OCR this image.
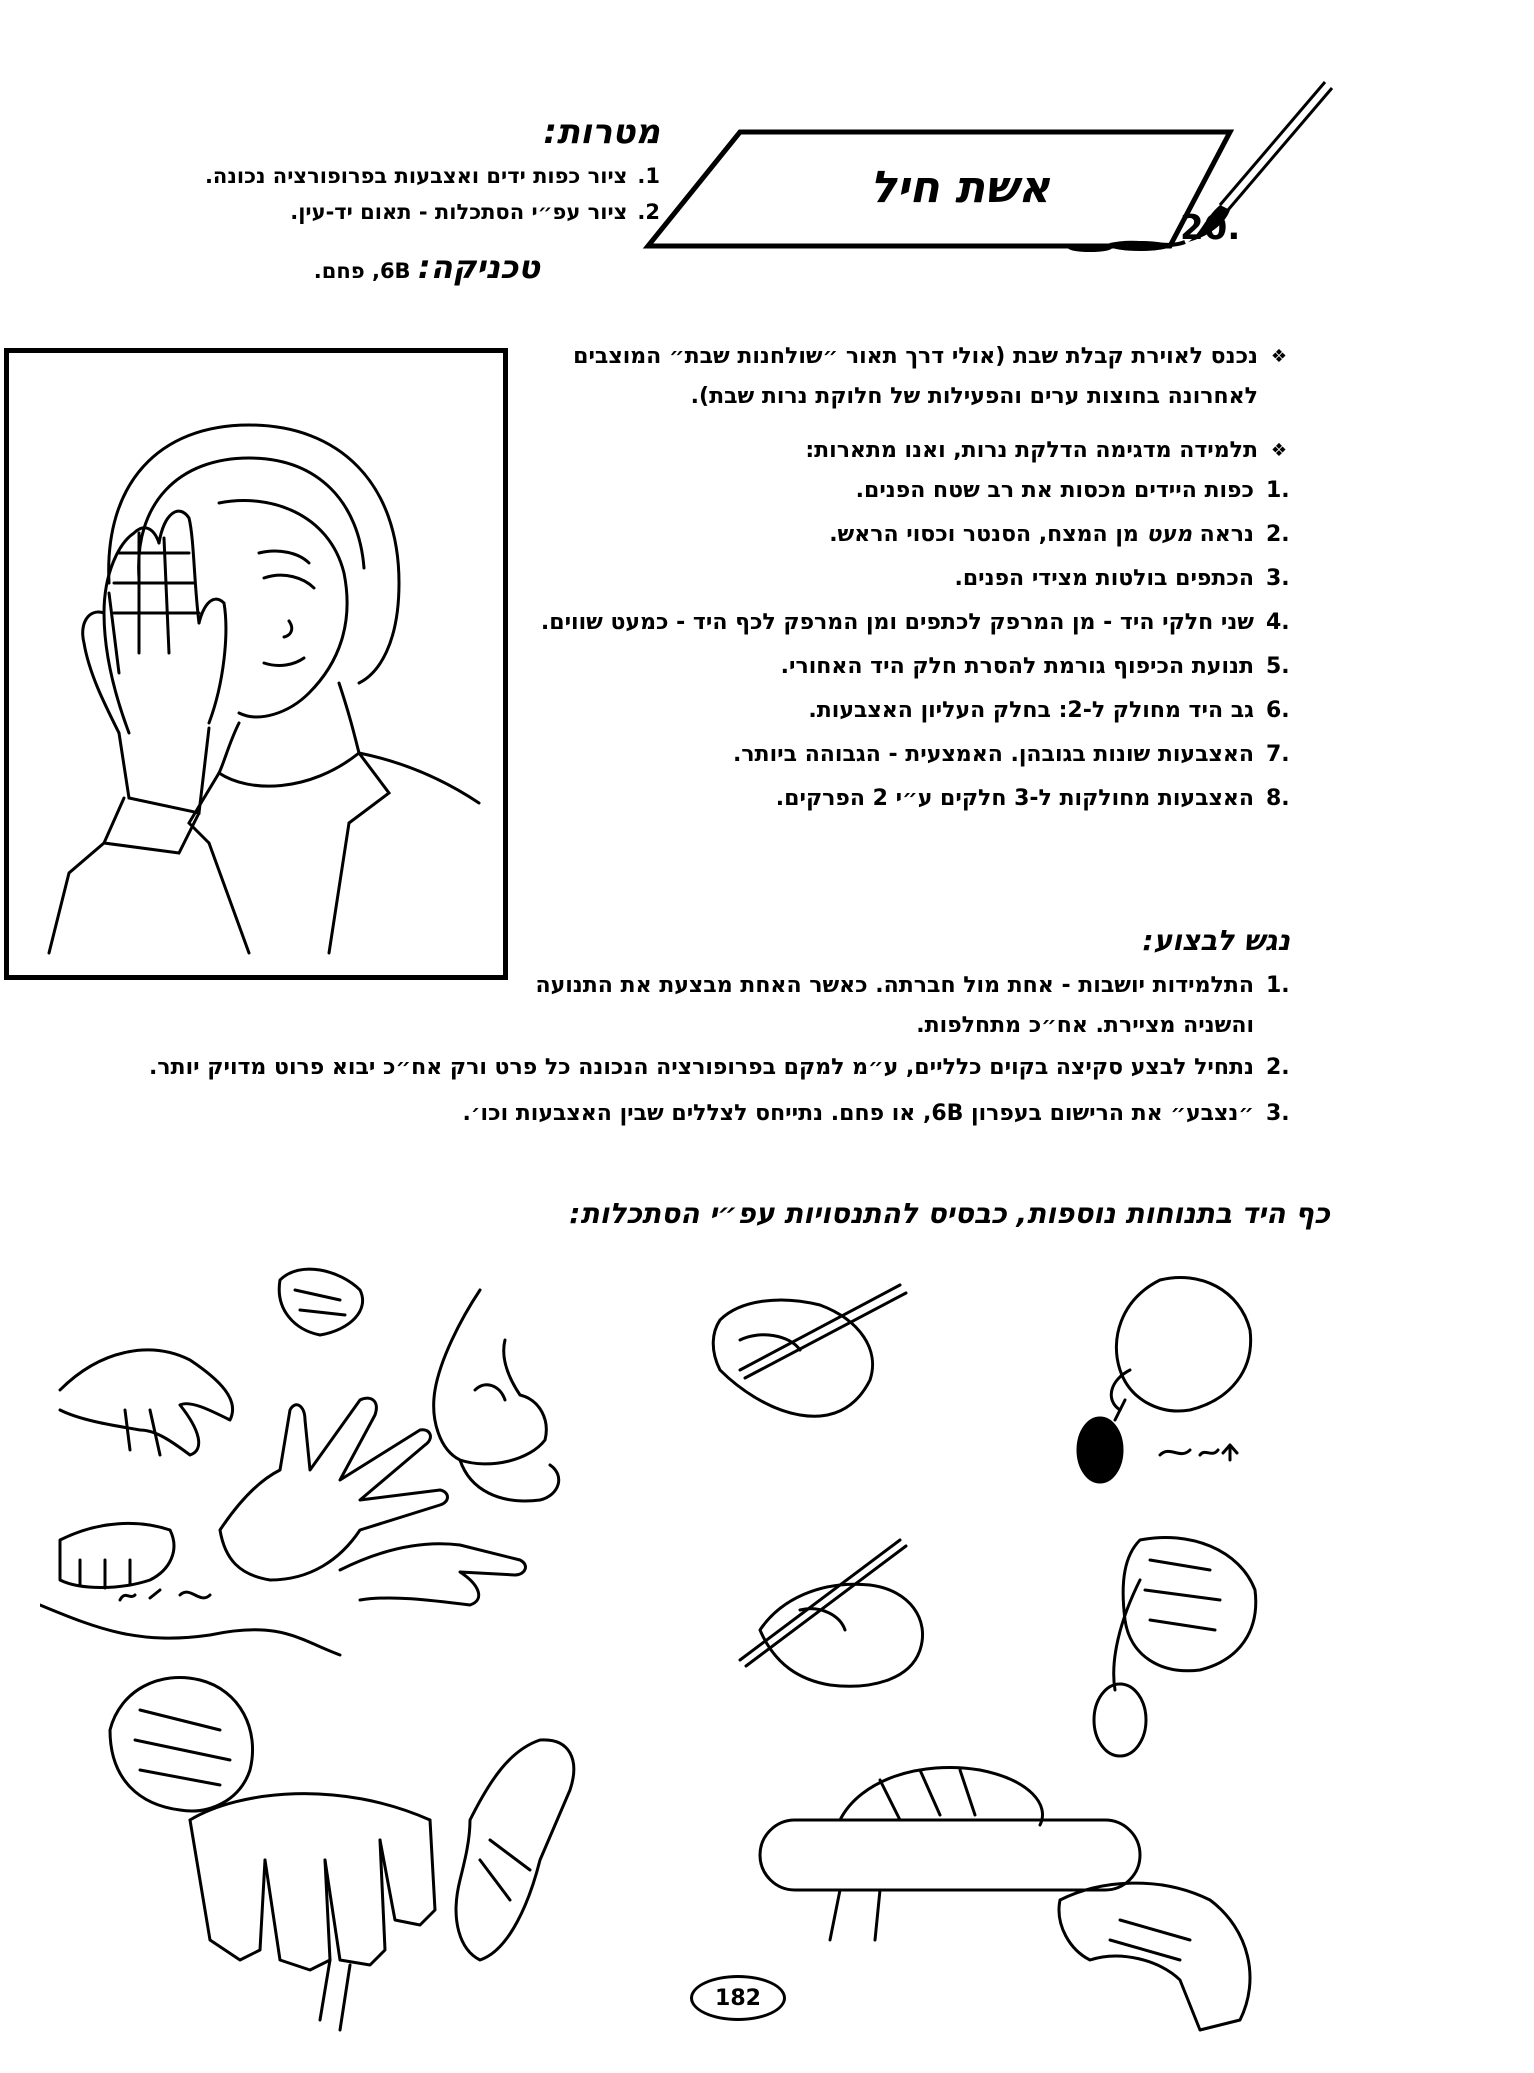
מטרות:
1.
ציור כפות ידים ואצבעות בפרופורציה נכונה.
2.
ציור עפ״י הסתכלות - תאום יד-עין.
טכניקה: 6B, פחם.
אשת חיל
20.
❖
נכנס לאוירת קבלת שבת (אולי דרך תאור ״שולחנות שבת״ המוצבים לאחרונה בחוצות ערים והפעילות של חלוקת נרות שבת).
❖
תלמידה מדגימה הדלקת נרות, ואנו מתארות:
1.
כפות היידים מכסות את רב שטח הפנים.
2.
נראה מעט מן המצח, הסנטר וכסוי הראש.
3.
הכתפים בולטות מצידי הפנים.
4.
שני חלקי היד - מן המרפק לכתפים ומן המרפק לכף היד - כמעט שווים.
5.
תנועת הכיפוף גורמת להסרת חלק היד האחורי.
6.
גב היד מחולק ל-2: בחלק העליון האצבעות.
7.
האצבעות שונות בגובהן. האמצעית - הגבוהה ביותר.
8.
האצבעות מחולקות ל-3 חלקים ע״י 2 הפרקים.
נגש לבצוע:
1.
התלמידות יושבות - אחת מול חברתה. כאשר האחת מבצעת את התנועה והשניה מציירת. אח״כ מתחלפות.
2.
נתחיל לבצע סקיצה בקוים כלליים, ע״מ למקם בפרופורציה הנכונה כל פרט ורק אח״כ יבוא פרוט מדויק יותר.
3.
״נצבע״ את הרישום בעפרון 6B, או פחם. נתייחס לצללים שבין האצבעות וכו׳.
כף היד בתנוחות נוספות, כבסיס להתנסויות עפ״י הסתכלות:
182
